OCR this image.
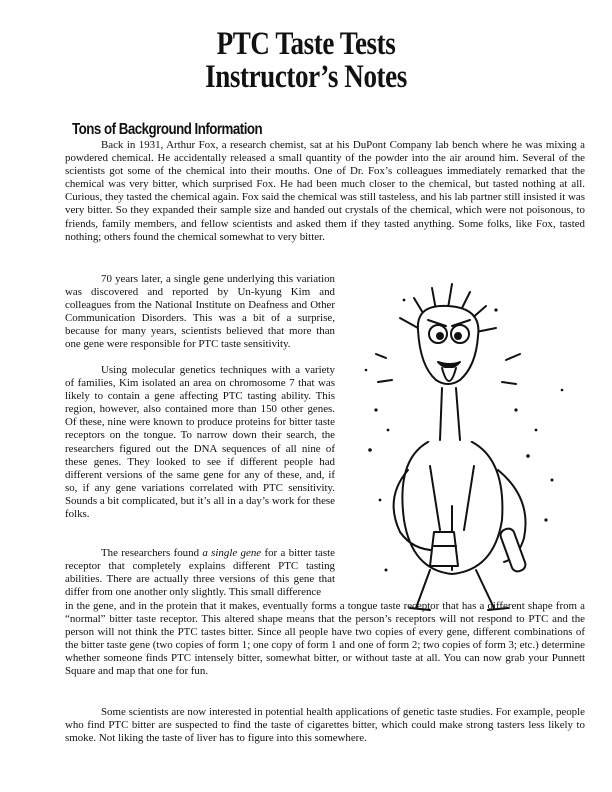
PTC Taste Tests
Instructor’s Notes
Tons of Background Information

Back in 1931, Arthur Fox, a research chemist, sat at his DuPont Company lab bench where he was mixing a powdered chemical. He accidentally released a small quantity of the powder into the air around him. Several of the scientists got some of the chemical into their mouths. One of Dr. Fox’s colleagues immediately remarked that the chemical was very bitter, which surprised Fox. He had been much closer to the chemical, but tasted nothing at all. Curious, they tasted the chemical again. Fox said the chemical was still tasteless, and his lab partner still insisted it was very bitter. So they expanded their sample size and handed out crystals of the chemical, which were not poisonous, to friends, family members, and fellow scientists and asked them if they tasted anything. Some folks, like Fox, tasted nothing; others found the chemical somewhat to very bitter.

70 years later, a single gene underlying this variation was discovered and reported by Un-kyung Kim and colleagues from the National Institute on Deafness and Other Communication Disorders. This was a bit of a surprise, because for many years, scientists believed that more than one gene were responsible for PTC taste sensitivity.

Using molecular genetics techniques with a variety of families, Kim isolated an area on chromosome 7 that was likely to contain a gene affecting PTC tasting ability. This region, however, also contained more than 150 other genes. Of these, nine were known to produce proteins for bitter taste receptors on the tongue. To narrow down their search, the researchers figured out the DNA sequences of all nine of these genes. They looked to see if different people had different versions of the same gene for any of these, and, if so, if any gene variations correlated with PTC sensitivity. Sounds a bit complicated, but it’s all in a day’s work for these folks.

The researchers found a single gene for a bitter taste receptor that completely explains different PTC tasting abilities. There are actually three versions of this gene that differ from one another only slightly. This small difference

in the gene, and in the protein that it makes, eventually forms a tongue taste receptor that has a different shape from a “normal” bitter taste receptor. This altered shape means that the person’s receptors will not respond to PTC and the person will not think the PTC tastes bitter. Since all people have two copies of every gene, different combinations of the bitter taste gene (two copies of form 1; one copy of form 1 and one of form 2; two copies of form 3; etc.) determine whether someone finds PTC intensely bitter, somewhat bitter, or without taste at all. You can now grab your Punnett Square and map that one for fun.

Some scientists are now interested in potential health applications of genetic taste studies. For example, people who find PTC bitter are suspected to find the taste of cigarettes bitter, which could make strong tasters less likely to smoke. Not liking the taste of liver has to figure into this somewhere.
